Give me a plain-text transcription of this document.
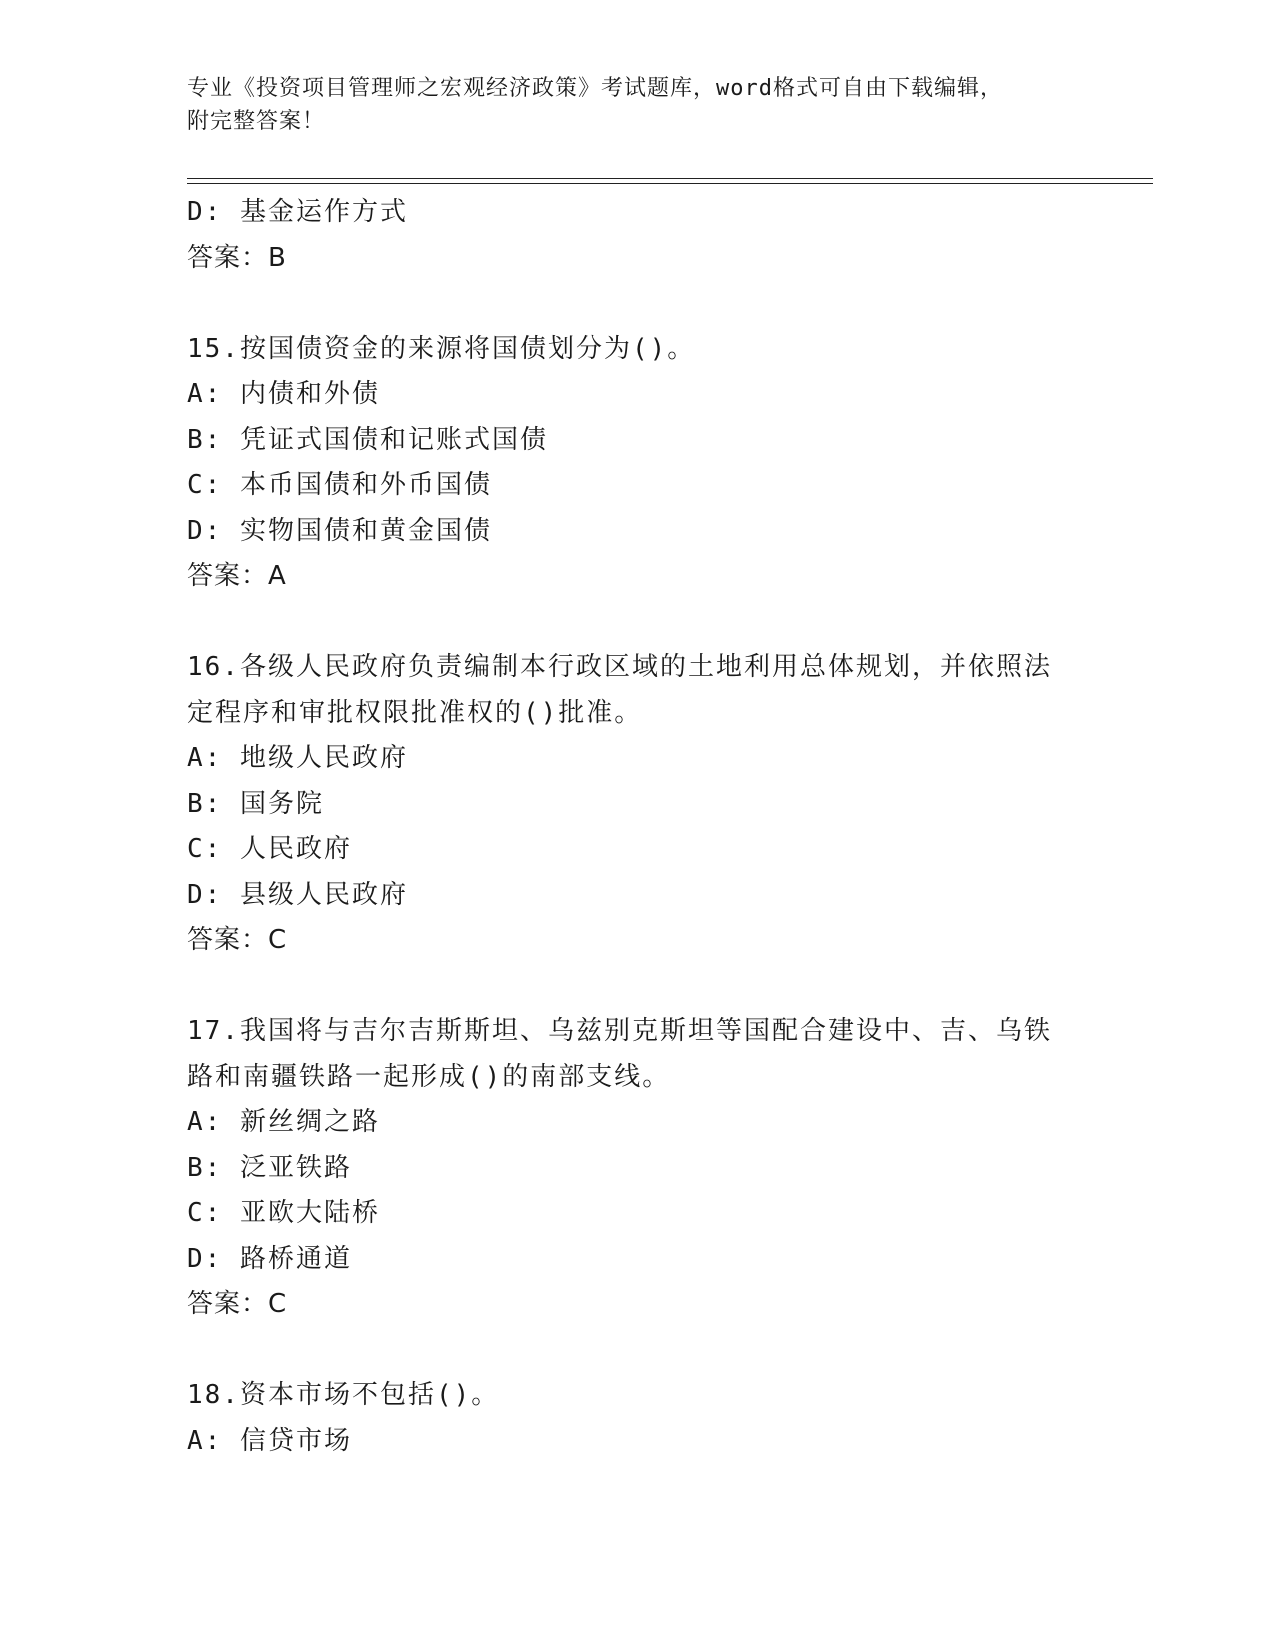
专业《投资项目管理师之宏观经济政策》考试题库，word格式可自由下载编辑，
附完整答案！
D: 基金运作方式
答案：B
15.按国债资金的来源将国债划分为()。
A: 内债和外债
B: 凭证式国债和记账式国债
C: 本币国债和外币国债
D: 实物国债和黄金国债
答案：A
16.各级人民政府负责编制本行政区域的土地利用总体规划，并依照法
定程序和审批权限批准权的()批准。
A: 地级人民政府
B: 国务院
C: 人民政府
D: 县级人民政府
答案：C
17.我国将与吉尔吉斯斯坦、乌兹别克斯坦等国配合建设中、吉、乌铁
路和南疆铁路一起形成()的南部支线。
A: 新丝绸之路
B: 泛亚铁路
C: 亚欧大陆桥
D: 路桥通道
答案：C
18.资本市场不包括()。
A: 信贷市场
